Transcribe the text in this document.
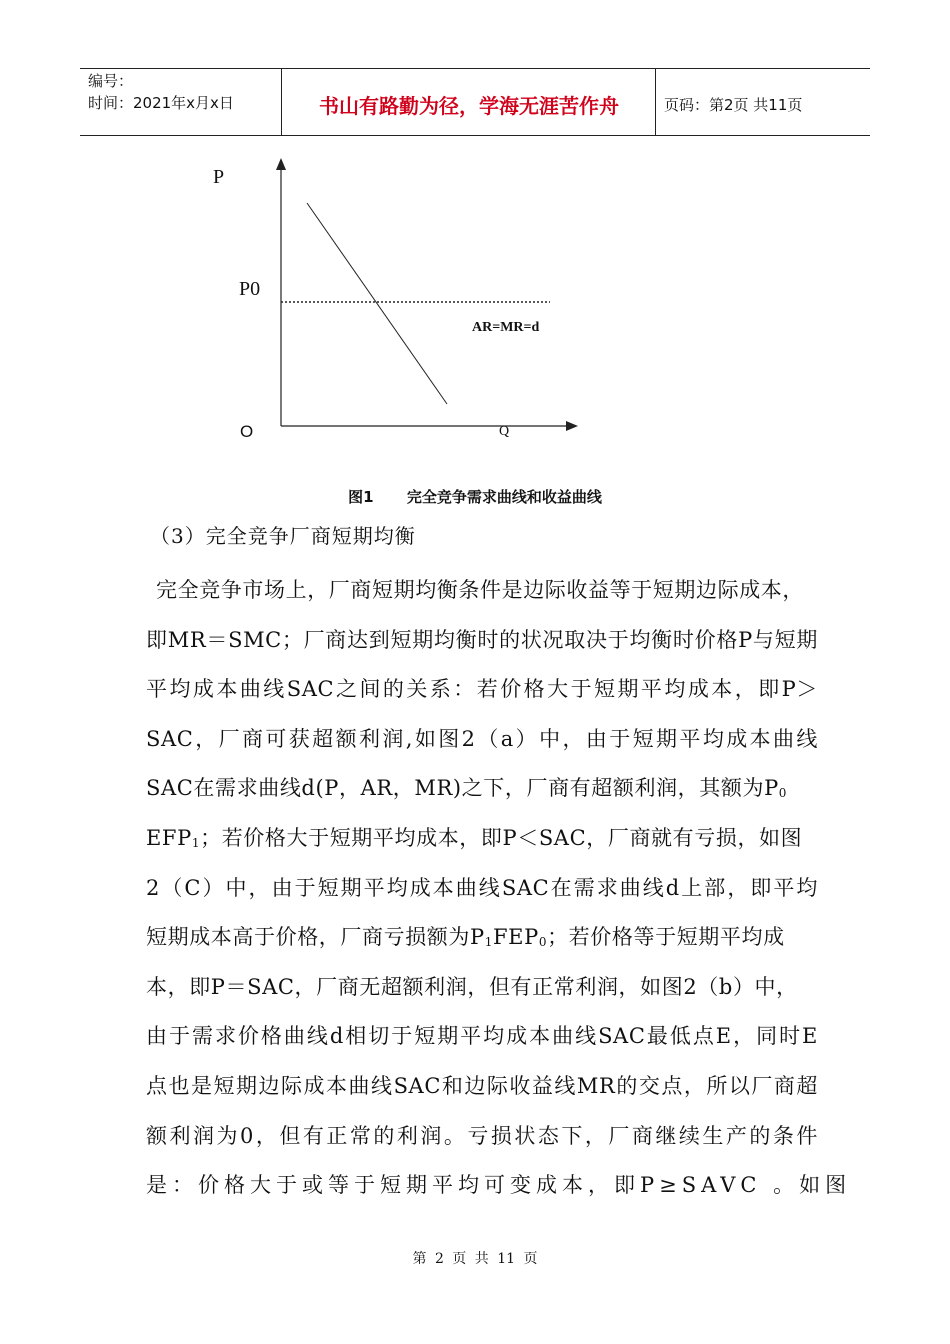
编号：
时间：2021年x月x日	书山有路勤为径，学海无涯苦作舟	页码：第2页 共11页
P
P0
AR=MR=d
O	Q
图1 完全竞争需求曲线和收益曲线
（3）完全竞争厂商短期均衡
完全竞争市场上，厂商短期均衡条件是边际收益等于短期边际成本，
即MR＝SMC；厂商达到短期均衡时的状况取决于均衡时价格P与短期
平均成本曲线SAC之间的关系：若价格大于短期平均成本，即P＞
SAC，厂商可获超额利润,如图2（a）中，由于短期平均成本曲线
SAC在需求曲线d(P，AR，MR)之下，厂商有超额利润，其额为$P_0$
$EFP_1$；若价格大于短期平均成本，即P＜SAC，厂商就有亏损，如图
2（C）中，由于短期平均成本曲线SAC在需求曲线d上部，即平均
短期成本高于价格，厂商亏损额为$P_1FEP_0$；若价格等于短期平均成
本，即P＝SAC，厂商无超额利润，但有正常利润，如图2（b）中，
由于需求价格曲线d相切于短期平均成本曲线SAC最低点E，同时E
点也是短期边际成本曲线SAC和边际收益线MR的交点，所以厂商超
额利润为0，但有正常的利润。亏损状态下，厂商继续生产的条件
是：价格大于或等于短期平均可变成本，即P≥SAVC 。如图
第 2 页 共 11 页
